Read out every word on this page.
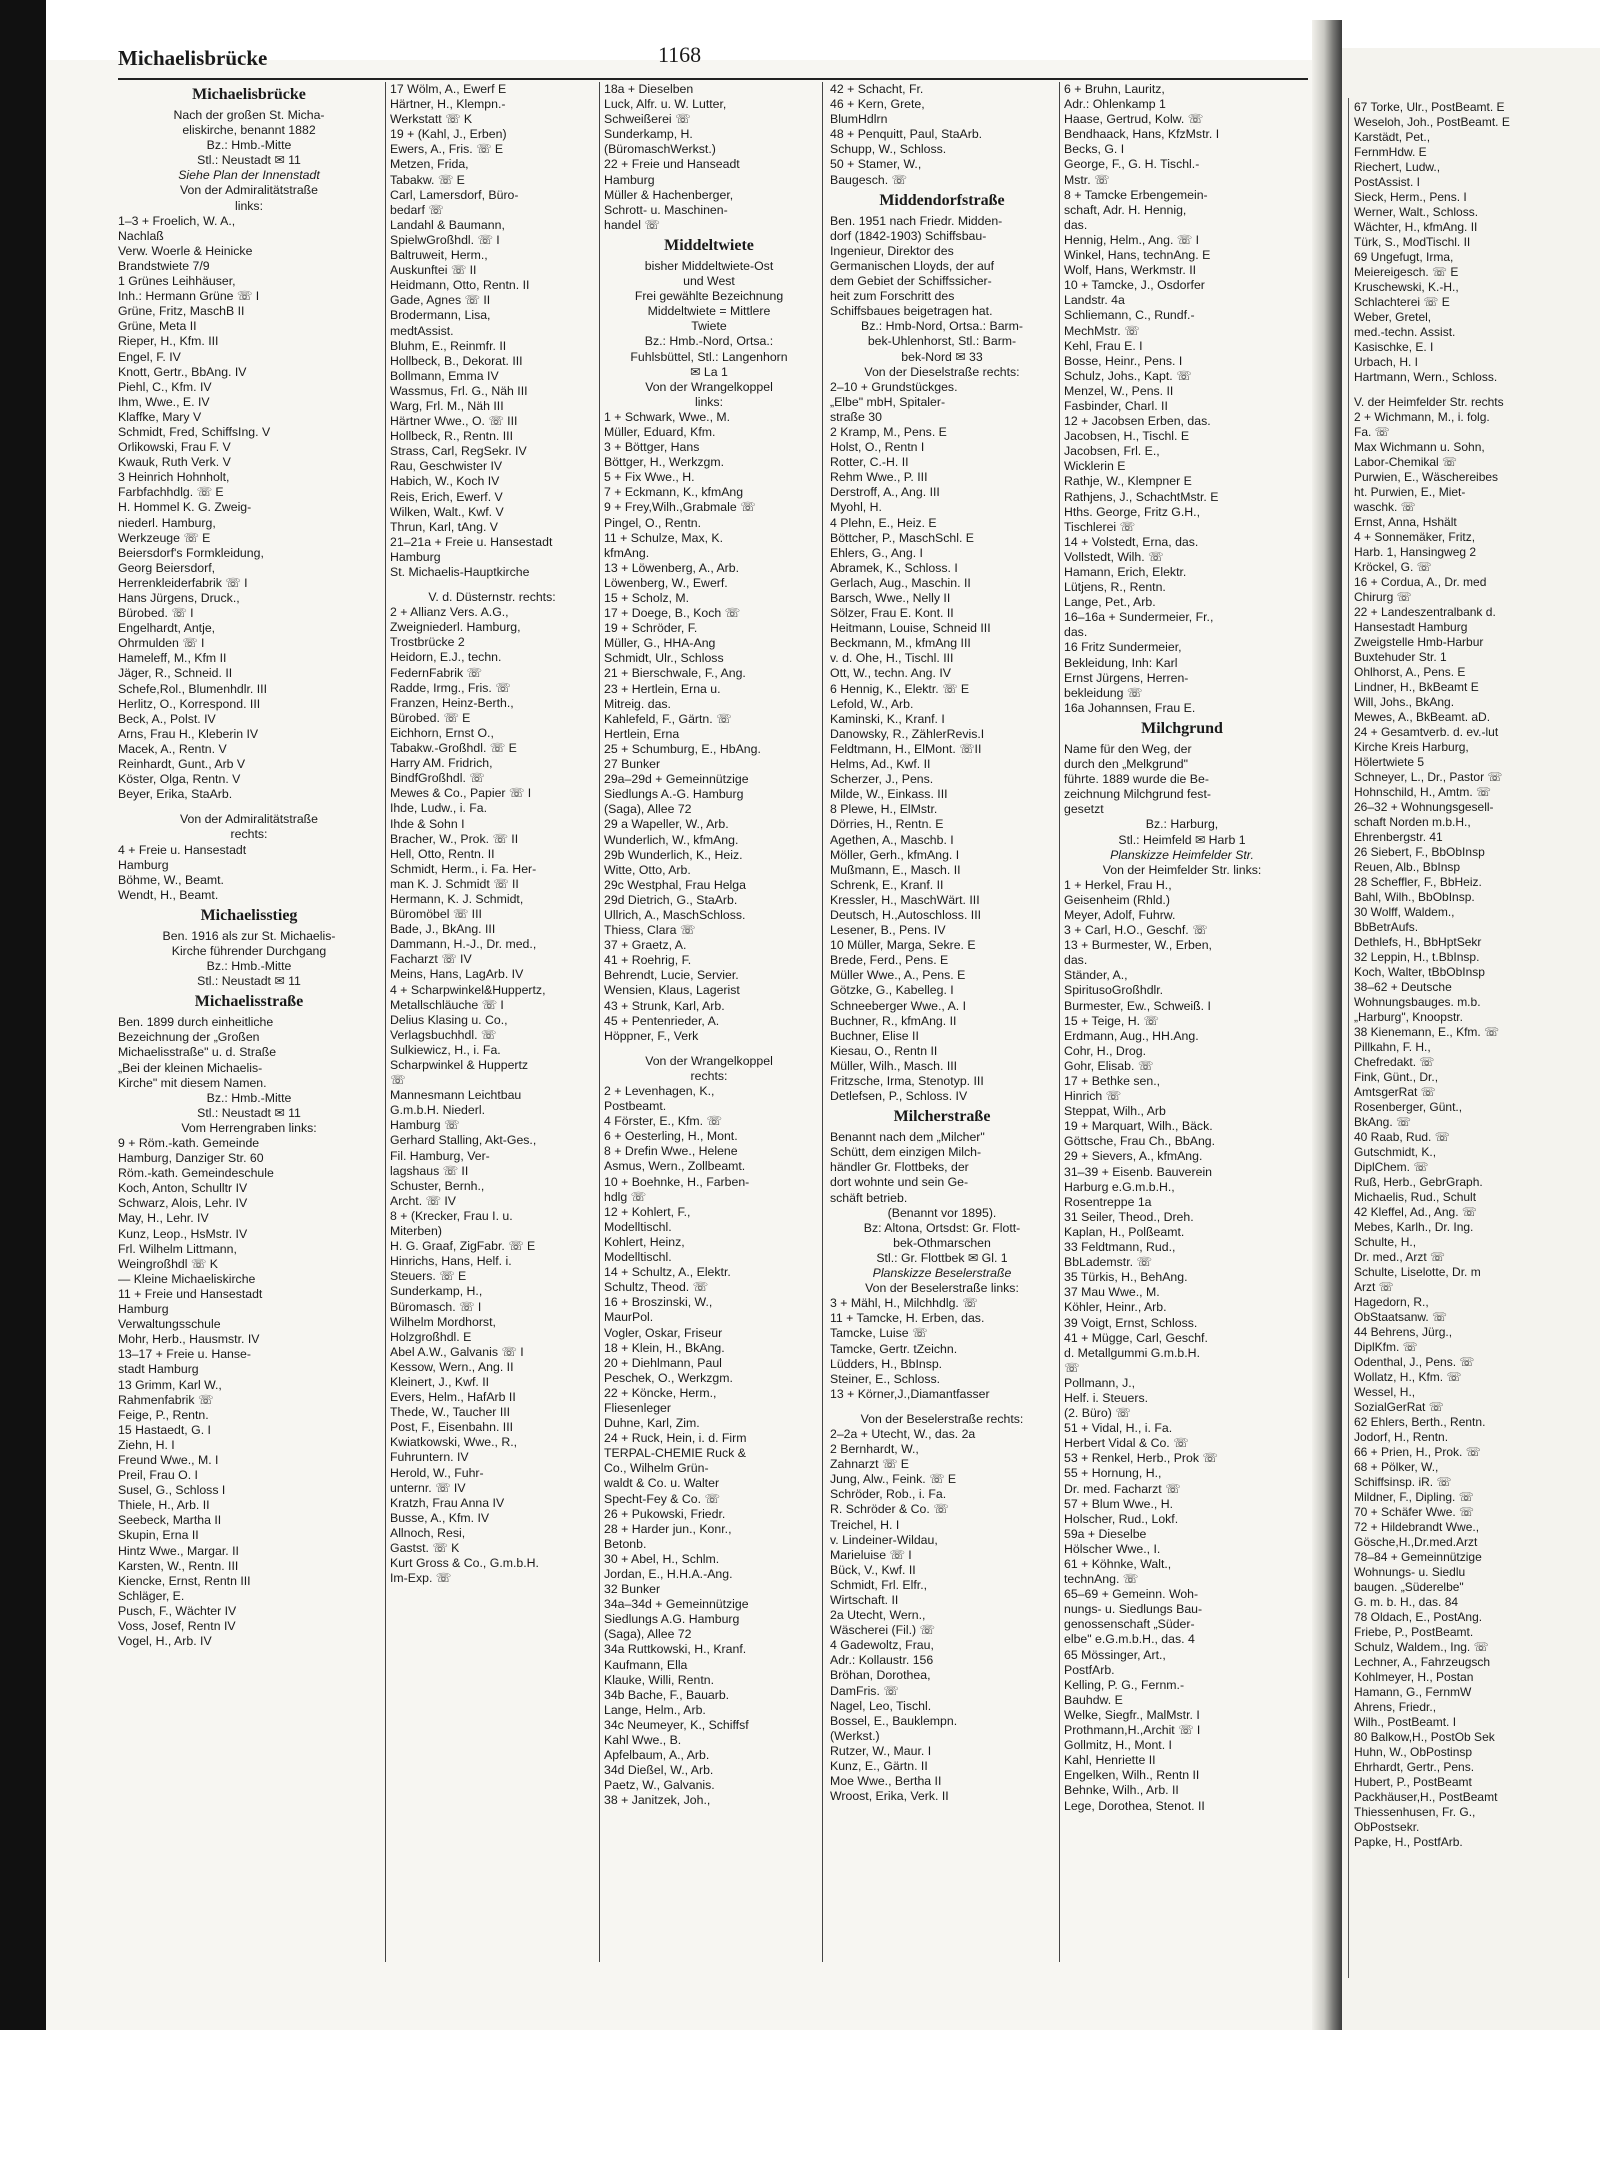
67 Torke, Ulr., PostBeamt. E
Weseloh, Joh., PostBeamt. E
Karstädt, Pet.,
FernmHdw. E
Riechert, Ludw.,
PostAssist. I
Sieck, Herm., Pens. I
Werner, Walt., Schloss.
Wächter, H., kfmAng. II
Türk, S., ModTischl. II
69 Ungefugt, Irma,
Meiereigesch. ☏ E
Kruschewski, K.-H.,
Schlachterei ☏ E
Weber, Gretel,
med.-techn. Assist.
Kasischke, E. I
Urbach, H. I
Hartmann, Wern., Schloss.
V. der Heimfelder Str. rechts
2 + Wichmann, M., i. folg.
Fa. ☏
Max Wichmann u. Sohn,
Labor-Chemikal ☏
Purwien, E., Wäschereibes
ht. Purwien, E., Miet-
waschk. ☏
Ernst, Anna, Hshält
4 + Sonnemäker, Fritz,
Harb. 1, Hansingweg 2
Kröckel, G. ☏
16 + Cordua, A., Dr. med
Chirurg ☏
22 + Landeszentralbank d.
Hansestadt Hamburg
Zweigstelle Hmb-Harbur
Buxtehuder Str. 1
Ohlhorst, A., Pens. E
Lindner, H., BkBeamt E
Will, Johs., BkAng.
Mewes, A., BkBeamt. aD.
24 + Gesamtverb. d. ev.-lut
Kirche Kreis Harburg,
Hölertwiete 5
Schneyer, L., Dr., Pastor ☏
Hohnschild, H., Amtm. ☏
26–32 + Wohnungsgesell-
schaft Norden m.b.H.,
Ehrenbergstr. 41
26 Siebert, F., BbObInsp
Reuen, Alb., BbInsp
28 Scheffler, F., BbHeiz.
Bahl, Wilh., BbObInsp.
30 Wolff, Waldem.,
BbBetrAufs.
Dethlefs, H., BbHptSekr
32 Leppin, H., t.BbInsp.
Koch, Walter, tBbObInsp
38–62 + Deutsche
Wohnungsbauges. m.b.
„Harburg", Knoopstr.
38 Kienemann, E., Kfm. ☏
Pillkahn, F. H.,
Chefredakt. ☏
Fink, Günt., Dr.,
AmtsgerRat ☏
Rosenberger, Günt.,
BkAng. ☏
40 Raab, Rud. ☏
Gutschmidt, K.,
DiplChem. ☏
Ruß, Herb., GebrGraph.
Michaelis, Rud., Schult
42 Kleffel, Ad., Ang. ☏
Mebes, Karlh., Dr. Ing.
Schulte, H.,
Dr. med., Arzt ☏
Schulte, Liselotte, Dr. m
Arzt ☏
Hagedorn, R.,
ObStaatsanw. ☏
44 Behrens, Jürg.,
DiplKfm. ☏
Odenthal, J., Pens. ☏
Wollatz, H., Kfm. ☏
Wessel, H.,
SozialGerRat ☏
62 Ehlers, Berth., Rentn.
Jodorf, H., Rentn.
66 + Prien, H., Prok. ☏
68 + Pölker, W.,
Schiffsinsp. iR. ☏
Mildner, F., Dipling. ☏
70 + Schäfer Wwe. ☏
72 + Hildebrandt Wwe.,
Gösche,H.,Dr.med.Arzt
78–84 + Gemeinnützige
Wohnungs- u. Siedlu
baugen. „Süderelbe"
G. m. b. H., das. 84
78 Oldach, E., PostAng.
Friebe, P., PostBeamt.
Schulz, Waldem., Ing. ☏
Lechner, A., Fahrzeugsch
Kohlmeyer, H., Postan
Hamann, G., FernmW
Ahrens, Friedr.,
Wilh., PostBeamt. I
80 Balkow,H., PostOb Sek
Huhn, W., ObPostinsp
Ehrhardt, Gertr., Pens.
Hubert, P., PostBeamt
Packhäuser,H., PostBeamt
Thiessenhusen, Fr. G.,
ObPostsekr.
Papke, H., PostfArb.
Michaelisbrücke	1168
Michaelisbrücke
Nach der großen St. Micha-
eliskirche, benannt 1882
Bz.: Hmb.-Mitte
Stl.: Neustadt ✉ 11
Siehe Plan der Innenstadt
Von der Admiralitätstraße
links:
1–3 + Froelich, W. A.,
Nachlaß
Verw. Woerle & Heinicke
Brandstwiete 7/9
1 Grünes Leihhäuser,
Inh.: Hermann Grüne ☏ I
Grüne, Fritz, MaschB II
Grüne, Meta II
Rieper, H., Kfm. III
Engel, F. IV
Knott, Gertr., BbAng. IV
Piehl, C., Kfm. IV
Ihm, Wwe., E. IV
Klaffke, Mary V
Schmidt, Fred, SchiffsIng. V
Orlikowski, Frau F. V
Kwauk, Ruth Verk. V
3 Heinrich Hohnholt,
Farbfachhdlg. ☏ E
H. Hommel K. G. Zweig-
niederl. Hamburg,
Werkzeuge ☏ E
Beiersdorf's Formkleidung,
Georg Beiersdorf,
Herrenkleiderfabrik ☏ I
Hans Jürgens, Druck.,
Bürobed. ☏ I
Engelhardt, Antje,
Ohrmulden ☏ I
Hameleff, M., Kfm II
Jäger, R., Schneid. II
Schefe,Rol., Blumenhdlr. III
Herlitz, O., Korrespond. III
Beck, A., Polst. IV
Arns, Frau H., Kleberin IV
Macek, A., Rentn. V
Reinhardt, Gunt., Arb V
Köster, Olga, Rentn. V
Beyer, Erika, StaArb.
Von der Admiralitätstraße
rechts:
4 + Freie u. Hansestadt
Hamburg
Böhme, W., Beamt.
Wendt, H., Beamt.
Michaelisstieg
Ben. 1916 als zur St. Michaelis-
Kirche führender Durchgang
Bz.: Hmb.-Mitte
Stl.: Neustadt ✉ 11
Michaelisstraße
Ben. 1899 durch einheitliche
Bezeichnung der „Großen
Michaelisstraße" u. d. Straße
„Bei der kleinen Michaelis-
Kirche" mit diesem Namen.
Bz.: Hmb.-Mitte
Stl.: Neustadt ✉ 11
Vom Herrengraben links:
9 + Röm.-kath. Gemeinde
Hamburg, Danziger Str. 60
Röm.-kath. Gemeindeschule
Koch, Anton, Schulltr IV
Schwarz, Alois, Lehr. IV
May, H., Lehr. IV
Kunz, Leop., HsMstr. IV
Frl. Wilhelm Littmann,
Weingroßhdl ☏ K
— Kleine Michaeliskirche
11 + Freie und Hansestadt
Hamburg
Verwaltungsschule
Mohr, Herb., Hausmstr. IV
13–17 + Freie u. Hanse-
stadt Hamburg
13 Grimm, Karl W.,
Rahmenfabrik ☏
Feige, P., Rentn.
15 Hastaedt, G. I
Ziehn, H. I
Freund Wwe., M. I
Preil, Frau O. I
Susel, G., Schloss I
Thiele, H., Arb. II
Seebeck, Martha II
Skupin, Erna II
Hintz Wwe., Margar. II
Karsten, W., Rentn. III
Kiencke, Ernst, Rentn III
Schläger, E.
Pusch, F., Wächter IV
Voss, Josef, Rentn IV
Vogel, H., Arb. IV
17 Wölm, A., Ewerf E
Härtner, H., Klempn.-
Werkstatt ☏ K
19 + (Kahl, J., Erben)
Ewers, A., Fris. ☏ E
Metzen, Frida,
Tabakw. ☏ E
Carl, Lamersdorf, Büro-
bedarf ☏
Landahl & Baumann,
SpielwGroßhdl. ☏ I
Baltruweit, Herm.,
Auskunftei ☏ II
Heidmann, Otto, Rentn. II
Gade, Agnes ☏ II
Brodermann, Lisa,
medtAssist.
Bluhm, E., Reinmfr. II
Hollbeck, B., Dekorat. III
Bollmann, Emma IV
Wassmus, Frl. G., Näh III
Warg, Frl. M., Näh III
Härtner Wwe., O. ☏ III
Hollbeck, R., Rentn. III
Strass, Carl, RegSekr. IV
Rau, Geschwister IV
Habich, W., Koch IV
Reis, Erich, Ewerf. V
Wilken, Walt., Kwf. V
Thrun, Karl, tAng. V
21–21a + Freie u. Hansestadt
Hamburg
St. Michaelis-Hauptkirche
V. d. Düsternstr. rechts:
2 + Allianz Vers. A.G.,
Zweigniederl. Hamburg,
Trostbrücke 2
Heidorn, E.J., techn.
FedernFabrik ☏
Radde, Irmg., Fris. ☏
Franzen, Heinz-Berth.,
Bürobed. ☏ E
Eichhorn, Ernst O.,
Tabakw.-Großhdl. ☏ E
Harry AM. Fridrich,
BindfGroßhdl. ☏
Mewes & Co., Papier ☏ I
Ihde, Ludw., i. Fa.
Ihde & Sohn I
Bracher, W., Prok. ☏ II
Hell, Otto, Rentn. II
Schmidt, Herm., i. Fa. Her-
man K. J. Schmidt ☏ II
Hermann, K. J. Schmidt,
Büromöbel ☏ III
Bade, J., BkAng. III
Dammann, H.-J., Dr. med.,
Facharzt ☏ IV
Meins, Hans, LagArb. IV
4 + Scharpwinkel&Huppertz,
Metallschläuche ☏ I
Delius Klasing u. Co.,
Verlagsbuchhdl. ☏
Sulkiewicz, H., i. Fa.
Scharpwinkel & Huppertz
☏
Mannesmann Leichtbau
G.m.b.H. Niederl.
Hamburg ☏
Gerhard Stalling, Akt-Ges.,
Fil. Hamburg, Ver-
lagshaus ☏ II
Schuster, Bernh.,
Archt. ☏ IV
8 + (Krecker, Frau I. u.
Miterben)
H. G. Graaf, ZigFabr. ☏ E
Hinrichs, Hans, Helf. i.
Steuers. ☏ E
Sunderkamp, H.,
Büromasch. ☏ I
Wilhelm Mordhorst,
Holzgroßhdl. E
Abel A.W., Galvanis ☏ I
Kessow, Wern., Ang. II
Kleinert, J., Kwf. II
Evers, Helm., HafArb II
Thede, W., Taucher III
Post, F., Eisenbahn. III
Kwiatkowski, Wwe., R.,
Fuhruntern. IV
Herold, W., Fuhr-
unternr. ☏ IV
Kratzh, Frau Anna IV
Busse, A., Kfm. IV
Allnoch, Resi,
Gastst. ☏ K
Kurt Gross & Co., G.m.b.H.
Im-Exp. ☏
18a + Dieselben
Luck, Alfr. u. W. Lutter,
Schweißerei ☏
Sunderkamp, H.
(BüromaschWerkst.)
22 + Freie und Hanseadt
Hamburg
Müller & Hachenberger,
Schrott- u. Maschinen-
handel ☏
Middeltwiete
bisher Middeltwiete-Ost
und West
Frei gewählte Bezeichnung
Middeltwiete = Mittlere
Twiete
Bz.: Hmb.-Nord, Ortsa.:
Fuhlsbüttel, Stl.: Langenhorn
✉ La 1
Von der Wrangelkoppel
links:
1 + Schwark, Wwe., M.
Müller, Eduard, Kfm.
3 + Böttger, Hans
Böttger, H., Werkzgm.
5 + Fix Wwe., H.
7 + Eckmann, K., kfmAng
9 + Frey,Wilh.,Grabmale ☏
Pingel, O., Rentn.
11 + Schulze, Max, K.
kfmAng.
13 + Löwenberg, A., Arb.
Löwenberg, W., Ewerf.
15 + Scholz, M.
17 + Doege, B., Koch ☏
19 + Schröder, F.
Müller, G., HHA-Ang
Schmidt, Ulr., Schloss
21 + Bierschwale, F., Ang.
23 + Hertlein, Erna u.
Mitreig. das.
Kahlefeld, F., Gärtn. ☏
Hertlein, Erna
25 + Schumburg, E., HbAng.
27 Bunker
29a–29d + Gemeinnützige
Siedlungs A.-G. Hamburg
(Saga), Allee 72
29 a Wapeller, W., Arb.
Wunderlich, W., kfmAng.
29b Wunderlich, K., Heiz.
Witte, Otto, Arb.
29c Westphal, Frau Helga
29d Dietrich, G., StaArb.
Ullrich, A., MaschSchloss.
Thiess, Clara ☏
37 + Graetz, A.
41 + Roehrig, F.
Behrendt, Lucie, Servier.
Wensien, Klaus, Lagerist
43 + Strunk, Karl, Arb.
45 + Pentenrieder, A.
Höppner, F., Verk
Von der Wrangelkoppel
rechts:
2 + Levenhagen, K.,
Postbeamt.
4 Förster, E., Kfm. ☏
6 + Oesterling, H., Mont.
8 + Drefin Wwe., Helene
Asmus, Wern., Zollbeamt.
10 + Boehnke, H., Farben-
hdlg ☏
12 + Kohlert, F.,
Modelltischl.
Kohlert, Heinz,
Modelltischl.
14 + Schultz, A., Elektr.
Schultz, Theod. ☏
16 + Broszinski, W.,
MaurPol.
Vogler, Oskar, Friseur
18 + Klein, H., BkAng.
20 + Diehlmann, Paul
Peschek, O., Werkzgm.
22 + Köncke, Herm.,
Fliesenleger
Duhne, Karl, Zim.
24 + Ruck, Hein, i. d. Firm
TERPAL-CHEMIE Ruck &
Co., Wilhelm Grün-
waldt & Co. u. Walter
Specht-Fey & Co. ☏
26 + Pukowski, Friedr.
28 + Harder jun., Konr.,
Betonb.
30 + Abel, H., Schlm.
Jordan, E., H.H.A.-Ang.
32 Bunker
34a–34d + Gemeinnützige
Siedlungs A.G. Hamburg
(Saga), Allee 72
34a Ruttkowski, H., Kranf.
Kaufmann, Ella
Klauke, Willi, Rentn.
34b Bache, F., Bauarb.
Lange, Helm., Arb.
34c Neumeyer, K., Schiffsf
Kahl Wwe., B.
Apfelbaum, A., Arb.
34d Dießel, W., Arb.
Paetz, W., Galvanis.
38 + Janitzek, Joh.,
42 + Schacht, Fr.
46 + Kern, Grete,
BlumHdlrn
48 + Penquitt, Paul, StaArb.
Schupp, W., Schloss.
50 + Stamer, W.,
Baugesch. ☏
Middendorfstraße
Ben. 1951 nach Friedr. Midden-
dorf (1842-1903) Schiffsbau-
Ingenieur, Direktor des
Germanischen Lloyds, der auf
dem Gebiet der Schiffssicher-
heit zum Forschritt des
Schiffsbaues beigetragen hat.
Bz.: Hmb-Nord, Ortsa.: Barm-
bek-Uhlenhorst, Stl.: Barm-
bek-Nord ✉ 33
Von der Dieselstraße rechts:
2–10 + Grundstückges.
„Elbe" mbH, Spitaler-
straße 30
2 Kramp, M., Pens. E
Holst, O., Rentn I
Rotter, C.-H. II
Rehm Wwe., P. III
Derstroff, A., Ang. III
Myohl, H.
4 Plehn, E., Heiz. E
Böttcher, P., MaschSchl. E
Ehlers, G., Ang. I
Abramek, K., Schloss. I
Gerlach, Aug., Maschin. II
Barsch, Wwe., Nelly II
Sölzer, Frau E. Kont. II
Heitmann, Louise, Schneid III
Beckmann, M., kfmAng III
v. d. Ohe, H., Tischl. III
Ott, W., techn. Ang. IV
6 Hennig, K., Elektr. ☏ E
Lefold, W., Arb.
Kaminski, K., Kranf. I
Danowsky, R., ZählerRevis.I
Feldtmann, H., ElMont. ☏II
Helms, Ad., Kwf. II
Scherzer, J., Pens.
Milde, W., Einkass. III
8 Plewe, H., ElMstr.
Dörries, H., Rentn. E
Agethen, A., Maschb. I
Möller, Gerh., kfmAng. I
Mußmann, E., Masch. II
Schrenk, E., Kranf. II
Kressler, H., MaschWärt. III
Deutsch, H.,Autoschloss. III
Lesener, B., Pens. IV
10 Müller, Marga, Sekre. E
Brede, Ferd., Pens. E
Müller Wwe., A., Pens. E
Götzke, G., Kabelleg. I
Schneeberger Wwe., A. I
Buchner, R., kfmAng. II
Buchner, Elise II
Kiesau, O., Rentn II
Müller, Wilh., Masch. III
Fritzsche, Irma, Stenotyp. III
Detlefsen, P., Schloss. IV
Milcherstraße
Benannt nach dem „Milcher"
Schütt, dem einzigen Milch-
händler Gr. Flottbeks, der
dort wohnte und sein Ge-
schäft betrieb.
(Benannt vor 1895).
Bz: Altona, Ortsdst: Gr. Flott-
bek-Othmarschen
Stl.: Gr. Flottbek ✉ Gl. 1
Planskizze Beselerstraße
Von der Beselerstraße links:
3 + Mähl, H., Milchhdlg. ☏
11 + Tamcke, H. Erben, das.
Tamcke, Luise ☏
Tamcke, Gertr. tZeichn.
Lüdders, H., BbInsp.
Steiner, E., Schloss.
13 + Körner,J.,Diamantfasser
Von der Beselerstraße rechts:
2–2a + Utecht, W., das. 2a
2 Bernhardt, W.,
Zahnarzt ☏ E
Jung, Alw., Feink. ☏ E
Schröder, Rob., i. Fa.
R. Schröder & Co. ☏
Treichel, H. I
v. Lindeiner-Wildau,
Marieluise ☏ I
Bück, V., Kwf. II
Schmidt, Frl. Elfr.,
Wirtschaft. II
2a Utecht, Wern.,
Wäscherei (Fil.) ☏
4 Gadewoltz, Frau,
Adr.: Kollaustr. 156
Bröhan, Dorothea,
DamFris. ☏
Nagel, Leo, Tischl.
Bossel, E., Bauklempn.
(Werkst.)
Rutzer, W., Maur. I
Kunz, E., Gärtn. II
Moe Wwe., Bertha II
Wroost, Erika, Verk. II
6 + Bruhn, Lauritz,
Adr.: Ohlenkamp 1
Haase, Gertrud, Kolw. ☏
Bendhaack, Hans, KfzMstr. I
Becks, G. I
George, F., G. H. Tischl.-
Mstr. ☏
8 + Tamcke Erbengemein-
schaft, Adr. H. Hennig,
das.
Hennig, Helm., Ang. ☏ I
Winkel, Hans, technAng. E
Wolf, Hans, Werkmstr. II
10 + Tamcke, J., Osdorfer
Landstr. 4a
Schliemann, C., Rundf.-
MechMstr. ☏
Kehl, Frau E. I
Bosse, Heinr., Pens. I
Schulz, Johs., Kapt. ☏
Menzel, W., Pens. II
Fasbinder, Charl. II
12 + Jacobsen Erben, das.
Jacobsen, H., Tischl. E
Jacobsen, Frl. E.,
Wicklerin E
Rathje, W., Klempner E
Rathjens, J., SchachtMstr. E
Hths. George, Fritz G.H.,
Tischlerei ☏
14 + Volstedt, Erna, das.
Vollstedt, Wilh. ☏
Hamann, Erich, Elektr.
Lütjens, R., Rentn.
Lange, Pet., Arb.
16–16a + Sundermeier, Fr.,
das.
16 Fritz Sundermeier,
Bekleidung, Inh: Karl
Ernst Jürgens, Herren-
bekleidung ☏
16a Johannsen, Frau E.
Milchgrund
Name für den Weg, der
durch den „Melkgrund"
führte. 1889 wurde die Be-
zeichnung Milchgrund fest-
gesetzt
Bz.: Harburg,
Stl.: Heimfeld ✉ Harb 1
Planskizze Heimfelder Str.
Von der Heimfelder Str. links:
1 + Herkel, Frau H.,
Geisenheim (Rhld.)
Meyer, Adolf, Fuhrw.
3 + Carl, H.O., Geschf. ☏
13 + Burmester, W., Erben,
das.
Ständer, A.,
SpiritusoGroßhdlr.
Burmester, Ew., Schweiß. I
15 + Teige, H. ☏
Erdmann, Aug., HH.Ang.
Cohr, H., Drog.
Gohr, Elisab. ☏
17 + Bethke sen.,
Hinrich ☏
Steppat, Wilh., Arb
19 + Marquart, Wilh., Bäck.
Göttsche, Frau Ch., BbAng.
29 + Sievers, A., kfmAng.
31–39 + Eisenb. Bauverein
Harburg e.G.m.b.H.,
Rosentreppe 1a
31 Seiler, Theod., Dreh.
Kaplan, H., Polßeamt.
33 Feldtmann, Rud.,
BbLademstr. ☏
35 Türkis, H., BehAng.
37 Mau Wwe., M.
Köhler, Heinr., Arb.
39 Voigt, Ernst, Schloss.
41 + Mügge, Carl, Geschf.
d. Metallgummi G.m.b.H.
☏
Pollmann, J.,
Helf. i. Steuers.
(2. Büro) ☏
51 + Vidal, H., i. Fa.
Herbert Vidal & Co. ☏
53 + Renkel, Herb., Prok ☏
55 + Hornung, H.,
Dr. med. Facharzt ☏
57 + Blum Wwe., H.
Holscher, Rud., Lokf.
59a + Dieselbe
Hölscher Wwe., I.
61 + Köhnke, Walt.,
technAng. ☏
65–69 + Gemeinn. Woh-
nungs- u. Siedlungs Bau-
genossenschaft „Süder-
elbe" e.G.m.b.H., das. 4
65 Mössinger, Art.,
PostfArb.
Kelling, P. G., Fernm.-
Bauhdw. E
Welke, Siegfr., MalMstr. I
Prothmann,H.,Archit ☏ I
Gollmitz, H., Mont. I
Kahl, Henriette II
Engelken, Wilh., Rentn II
Behnke, Wilh., Arb. II
Lege, Dorothea, Stenot. II
